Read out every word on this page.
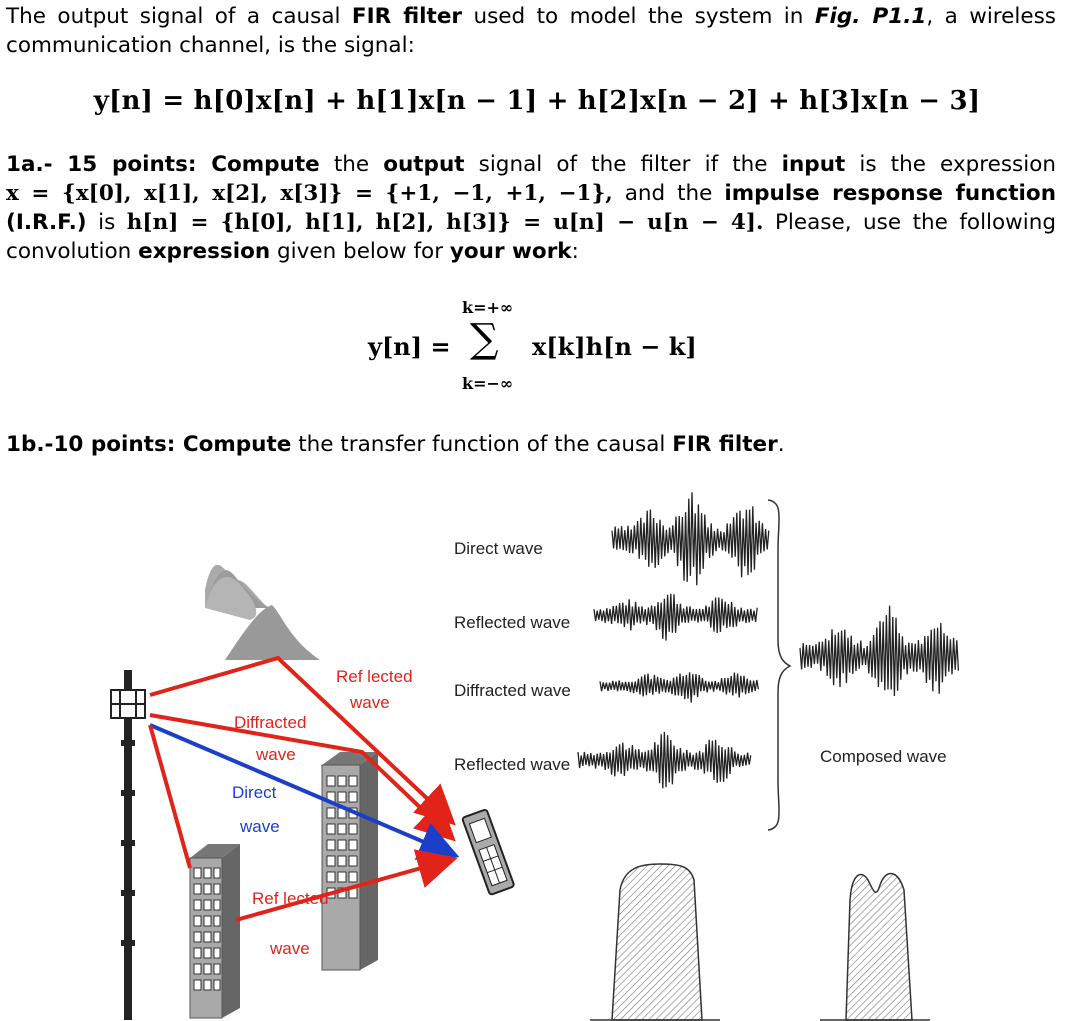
The output signal of a causal FIR filter used to model the system in Fig. P1.1, a wireless communication channel, is the signal:
y[n] = h[0]x[n] + h[1]x[n − 1] + h[2]x[n − 2] + h[3]x[n − 3]
1a.- 15 points: Compute the output signal of the filter if the input is the expression
x = {x[0], x[1], x[2], x[3]} = {+1, −1, +1, −1}, and the impulse response function
(I.R.F.) is h[n] = {h[0], h[1], h[2], h[3]} = u[n] − u[n − 4]. Please, use the following
convolution expression given below for your work:
k=+∞
y[n] = ∑ x[k]h[n − k]
k=−∞
1b.-10 points: Compute the transfer function of the causal FIR filter.
Ref lected
wave
Diffracted
wave
Direct
wave
Ref lected
wave
Direct wave
Reflected wave
Diffracted wave
Reflected wave	Composed wave
